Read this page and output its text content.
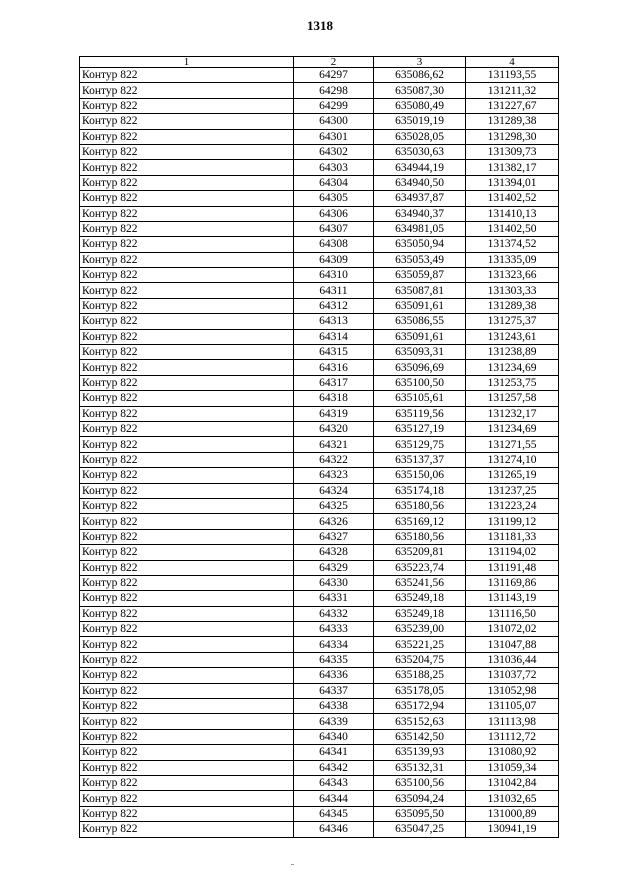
1318
1	2	3	4
Контур 822	64297	635086,62	131193,55
Контур 822	64298	635087,30	131211,32
Контур 822	64299	635080,49	131227,67
Контур 822	64300	635019,19	131289,38
Контур 822	64301	635028,05	131298,30
Контур 822	64302	635030,63	131309,73
Контур 822	64303	634944,19	131382,17
Контур 822	64304	634940,50	131394,01
Контур 822	64305	634937,87	131402,52
Контур 822	64306	634940,37	131410,13
Контур 822	64307	634981,05	131402,50
Контур 822	64308	635050,94	131374,52
Контур 822	64309	635053,49	131335,09
Контур 822	64310	635059,87	131323,66
Контур 822	64311	635087,81	131303,33
Контур 822	64312	635091,61	131289,38
Контур 822	64313	635086,55	131275,37
Контур 822	64314	635091,61	131243,61
Контур 822	64315	635093,31	131238,89
Контур 822	64316	635096,69	131234,69
Контур 822	64317	635100,50	131253,75
Контур 822	64318	635105,61	131257,58
Контур 822	64319	635119,56	131232,17
Контур 822	64320	635127,19	131234,69
Контур 822	64321	635129,75	131271,55
Контур 822	64322	635137,37	131274,10
Контур 822	64323	635150,06	131265,19
Контур 822	64324	635174,18	131237,25
Контур 822	64325	635180,56	131223,24
Контур 822	64326	635169,12	131199,12
Контур 822	64327	635180,56	131181,33
Контур 822	64328	635209,81	131194,02
Контур 822	64329	635223,74	131191,48
Контур 822	64330	635241,56	131169,86
Контур 822	64331	635249,18	131143,19
Контур 822	64332	635249,18	131116,50
Контур 822	64333	635239,00	131072,02
Контур 822	64334	635221,25	131047,88
Контур 822	64335	635204,75	131036,44
Контур 822	64336	635188,25	131037,72
Контур 822	64337	635178,05	131052,98
Контур 822	64338	635172,94	131105,07
Контур 822	64339	635152,63	131113,98
Контур 822	64340	635142,50	131112,72
Контур 822	64341	635139,93	131080,92
Контур 822	64342	635132,31	131059,34
Контур 822	64343	635100,56	131042,84
Контур 822	64344	635094,24	131032,65
Контур 822	64345	635095,50	131000,89
Контур 822	64346	635047,25	130941,19
